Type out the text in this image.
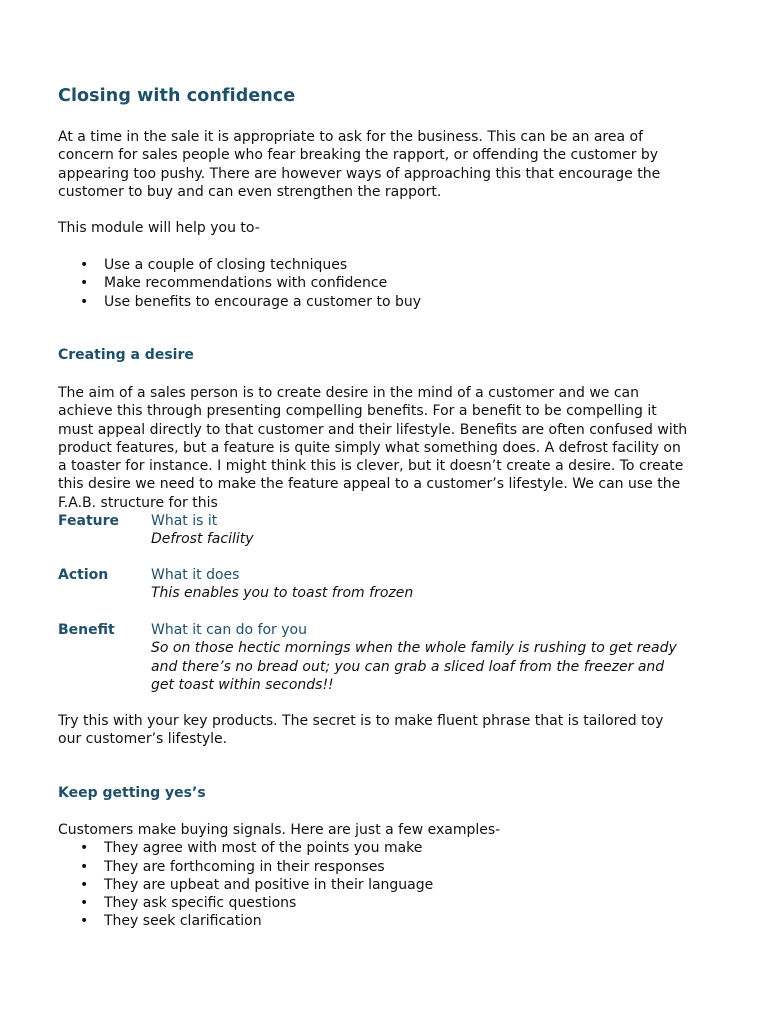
Closing with confidence

At a time in the sale it is appropriate to ask for the business. This can be an area of concern for sales people who fear breaking the rapport, or offending the customer by appearing too pushy. There are however ways of approaching this that encourage the customer to buy and can even strengthen the rapport.

This module will help you to-

• Use a couple of closing techniques
• Make recommendations with confidence
• Use benefits to encourage a customer to buy
Creating a desire

The aim of a sales person is to create desire in the mind of a customer and we can achieve this through presenting compelling benefits. For a benefit to be compelling it must appeal directly to that customer and their lifestyle. Benefits are often confused with product features, but a feature is quite simply what something does. A defrost facility on a toaster for instance. I might think this is clever, but it doesn’t create a desire. To create this desire we need to make the feature appeal to a customer’s lifestyle. We can use the F.A.B. structure for this

Feature What is it
Defrost facility
Action	What it does
This enables you to toast from frozen
Benefit	What it can do for you
So on those hectic mornings when the whole family is rushing to get ready and there’s no bread out; you can grab a sliced loaf from the freezer and get toast within seconds!!

Try this with your key products. The secret is to make fluent phrase that is tailored toy our customer’s lifestyle.

Keep getting yes’s

Customers make buying signals. Here are just a few examples-

• They agree with most of the points you make
• They are forthcoming in their responses
• They are upbeat and positive in their language
• They ask specific questions
• They seek clarification
